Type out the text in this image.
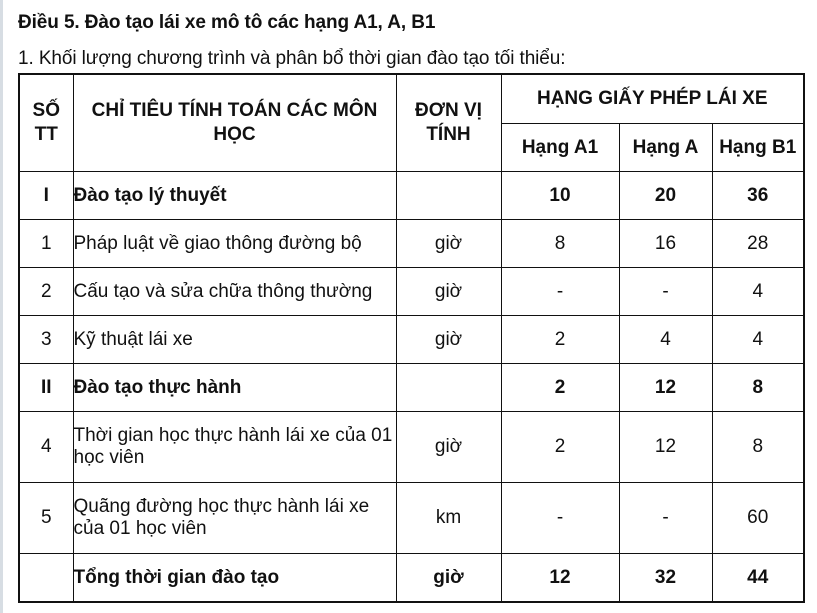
Điều 5. Đào tạo lái xe mô tô các hạng A1, A, B1
1. Khối lượng chương trình và phân bổ thời gian đào tạo tối thiểu:
SỐ TT	CHỈ TIÊU TÍNH TOÁN CÁC MÔN HỌC	ĐƠN VỊ TÍNH	HẠNG GIẤY PHÉP LÁI XE		
			Hạng A1	Hạng A	Hạng B1
I	Đào tạo lý thuyết		10	20	36
1	Pháp luật về giao thông đường bộ	giờ	8	16	28
2	Cấu tạo và sửa chữa thông thường	giờ	-	-	4
3	Kỹ thuật lái xe	giờ	2	4	4
II	Đào tạo thực hành		2	12	8
4	Thời gian học thực hành lái xe của 01 học viên	giờ	2	12	8
5	Quãng đường học thực hành lái xe của 01 học viên	km	-	-	60
	Tổng thời gian đào tạo	giờ	12	32	44
